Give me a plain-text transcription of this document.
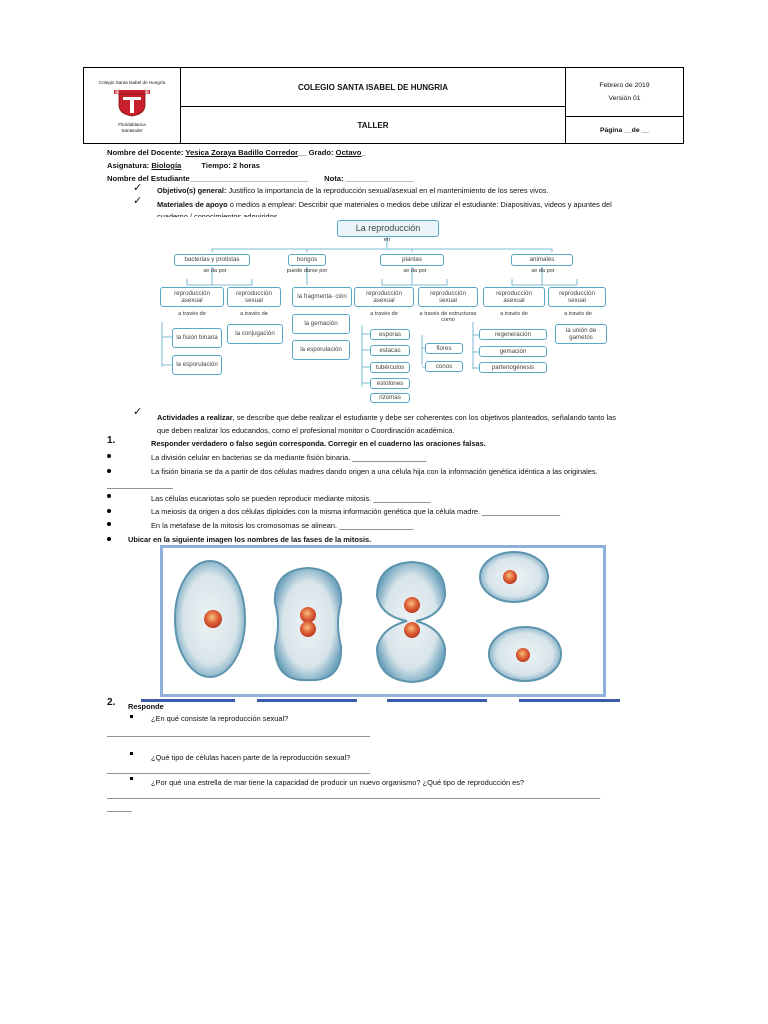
Colegio Santa Isabel de Hungría
Floridablanca
Santander
COLEGIO SANTA ISABEL DE HUNGRIA
TALLER
Febrero de 2019
Versión 01
Página __de __
Nombre del Docente: Yesica Zoraya Badillo Corredor__ Grado: Octavo_
Asignatura: Biología	Tiempo: 2 horas
Nombre del Estudiante____________________________ Nota: ________________
✓ Objetivo(s) general: Justifico la importancia de la reproducción sexual/asexual en el mantenimiento de los seres vivos.
✓ Materiales de apoyo o medios a emplear: Describir que materiales o medios debe utilizar el estudiante: Diapositivas, videos y apuntes del
La reproducción
en
bacterias y protistas	hongos	plantas	animales
se da por	puede darse por	se da por	se da por
reproducción asexual
reproducción sexual
la fragmenta- ción
reproducción asexual
reproducción sexual
reproducción asexual
reproducción sexual
a través de	a través de	a través de	a través de estructuras como
a través de	a través de
la fisión binaria
la esporulación
la conjugación
la gemación
la esporulación
esporas
estacas
tubérculos
estolones
rizomas
flores
conos
regeneración
gemación
partenogénesis
la unión de gametos
✓ Actividades a realizar, se describe que debe realizar el estudiante y debe ser coherentes con los objetivos planteados, señalando tanto las
que deben realizar los educandos, como el profesional monitor o Coordinación académica.
1.	Responder verdadero o falso según corresponda. Corregir en el cuaderno las oraciones falsas.
La división celular en bacterias se da mediante fisión binaria. __________________
La fisión binaria se da a partir de dos células madres dando origen a una célula hija con la información genética idéntica a las originales.
________________
Las células eucariotas solo se pueden reproducir mediante mitosis. ______________
La meiosis da origen a dos células diploides con la misma información genética que la célula madre. ___________________
En la metafase de la mitosis los cromosomas se alinean. __________________
Ubicar en la siguiente imagen los nombres de las fases de la mitosis.
2. Responde
¿En qué consiste la reproducción sexual?
________________________________________________________________
¿Qué tipo de células hacen parte de la reproducción sexual?
________________________________________________________________
¿Por qué una estrella de mar tiene la capacidad de producir un nuevo organismo? ¿Qué tipo de reproducción es?
________________________________________________________________________________________________________________________
______
